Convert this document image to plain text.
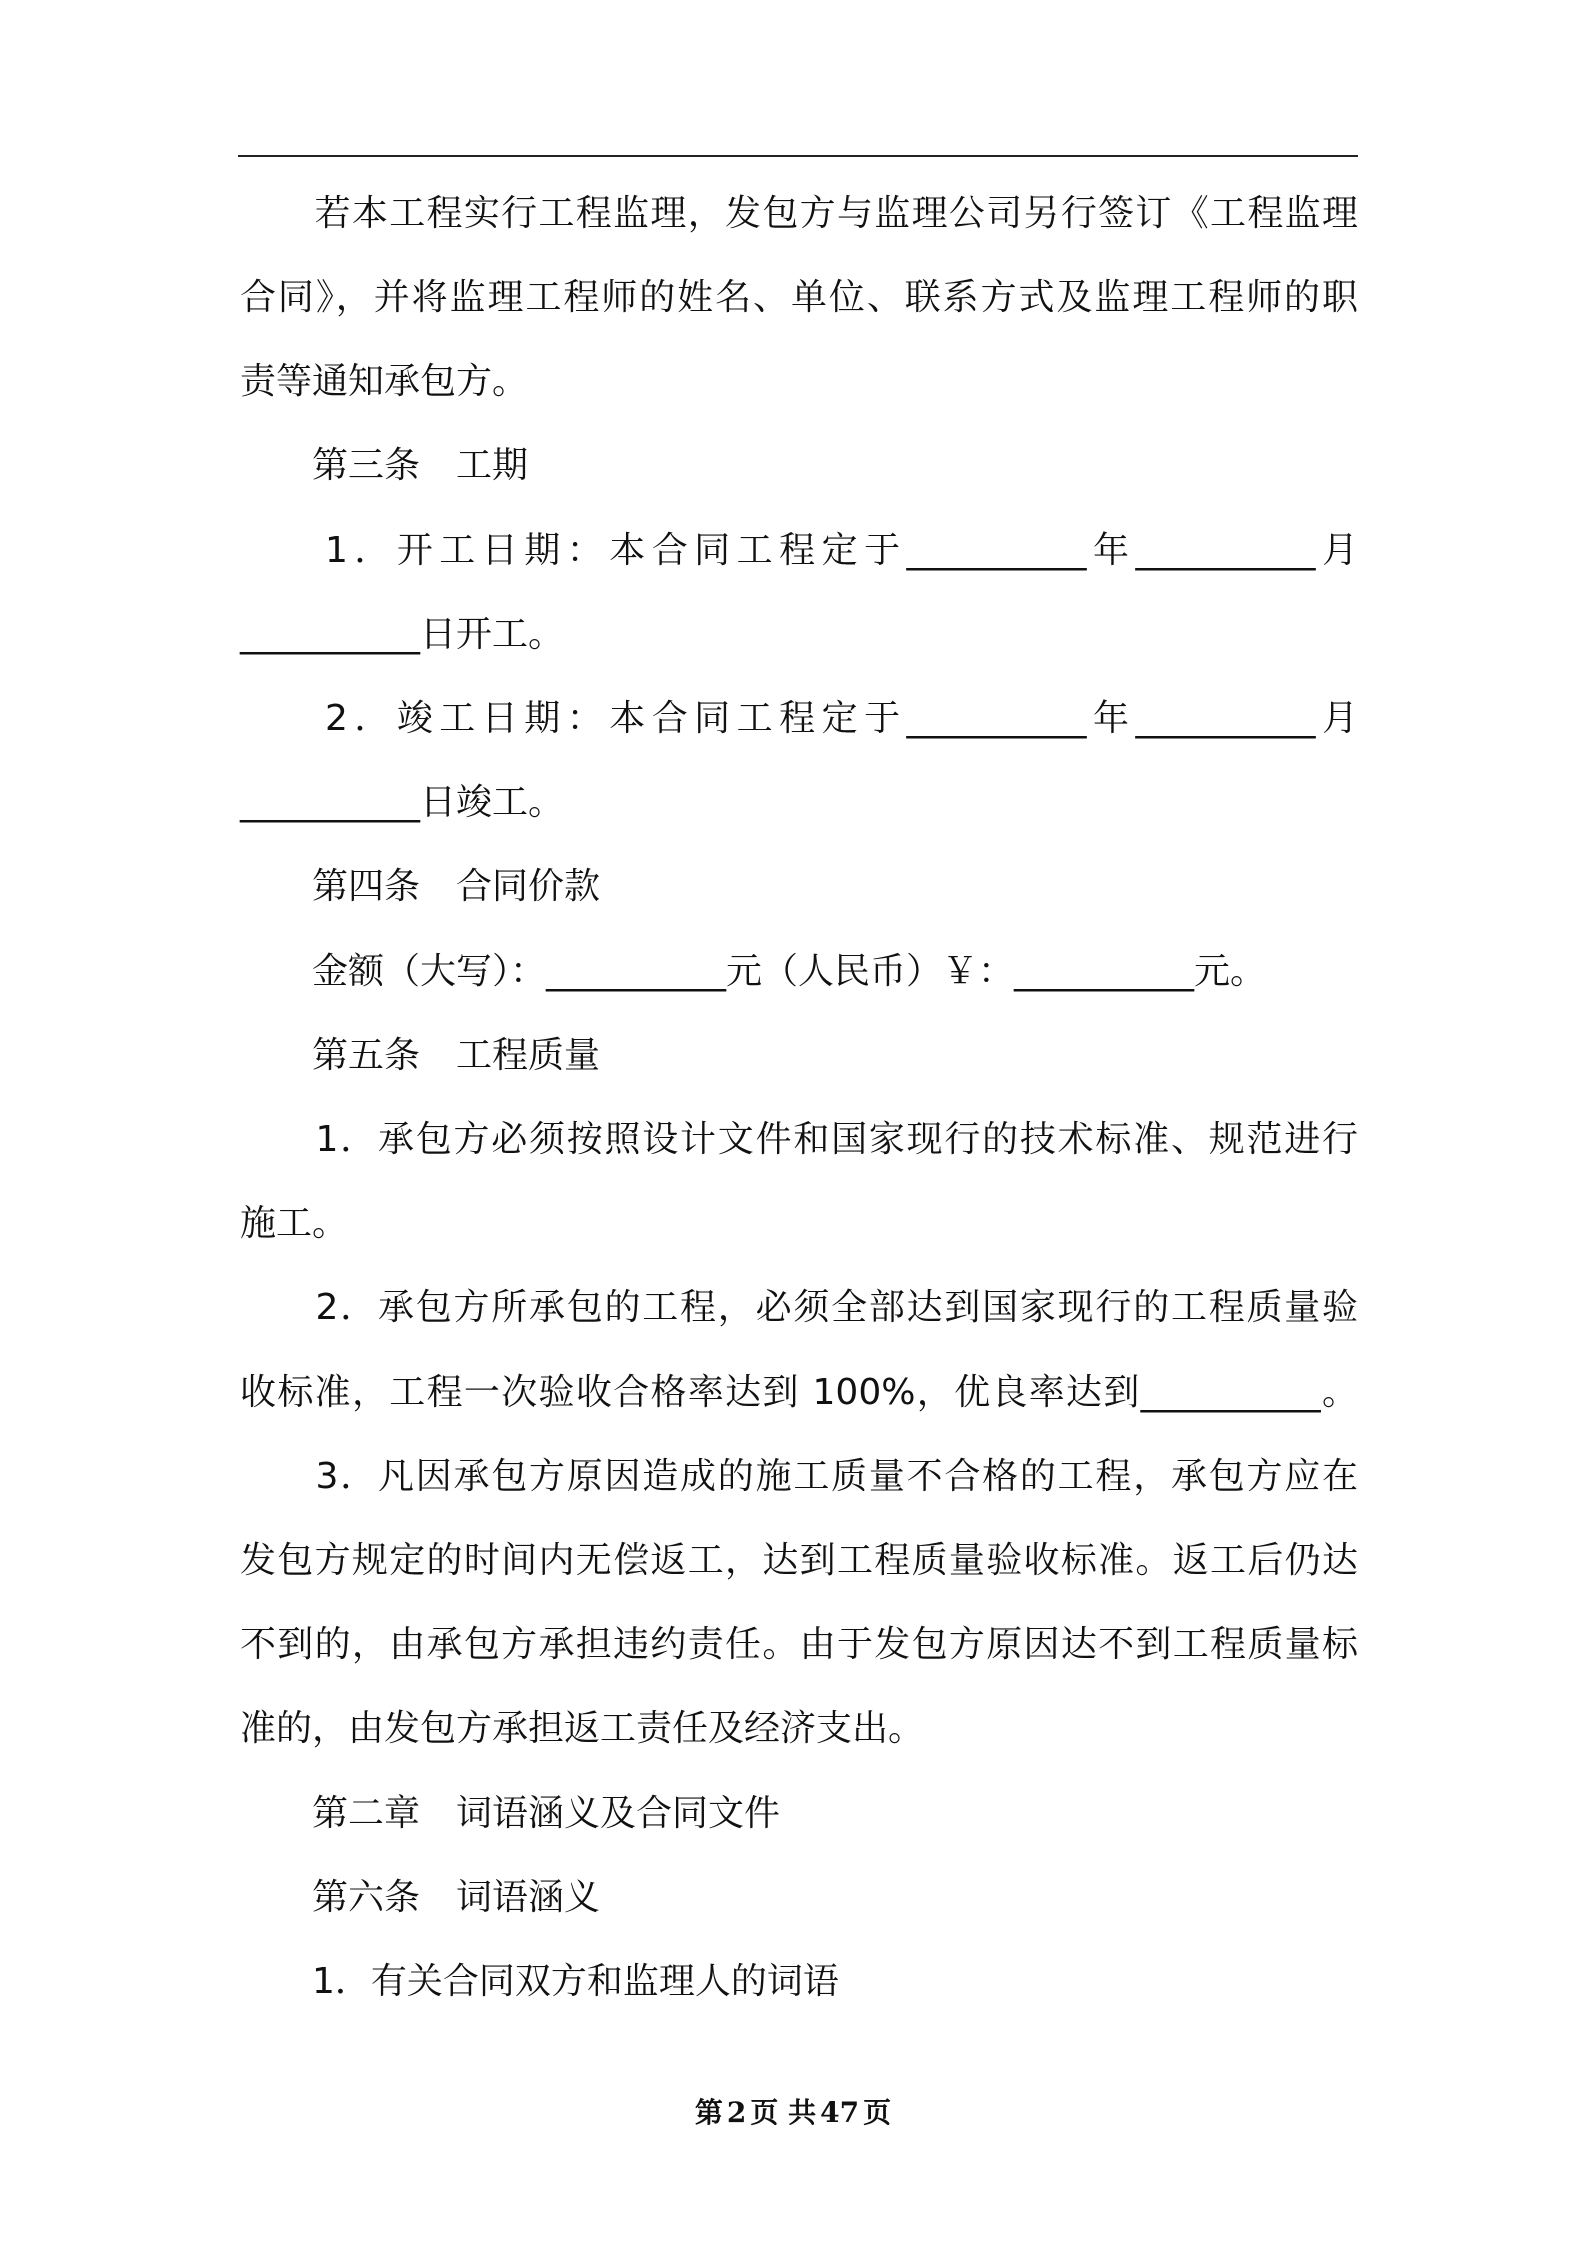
　　若本工程实行工程监理，发包方与监理公司另行签订《工程监理
合同》，并将监理工程师的姓名、单位、联系方式及监理工程师的职
责等通知承包方。
　　第三条　工期
　　1．开工日期：本合同工程定于__________年__________月
__________日开工。
　　2．竣工日期：本合同工程定于__________年__________月
__________日竣工。
　　第四条　合同价款
　　金额（大写）：__________元（人民币）￥：__________元。
　　第五条　工程质量
　　1．承包方必须按照设计文件和国家现行的技术标准、规范进行
施工。
　　2．承包方所承包的工程，必须全部达到国家现行的工程质量验
收标准，工程一次验收合格率达到 100%，优良率达到__________。
　　3．凡因承包方原因造成的施工质量不合格的工程，承包方应在
发包方规定的时间内无偿返工，达到工程质量验收标准。返工后仍达
不到的，由承包方承担违约责任。由于发包方原因达不到工程质量标
准的，由发包方承担返工责任及经济支出。
　　第二章　词语涵义及合同文件
　　第六条　词语涵义
　　1．有关合同双方和监理人的词语
第 2 页 共 47 页
